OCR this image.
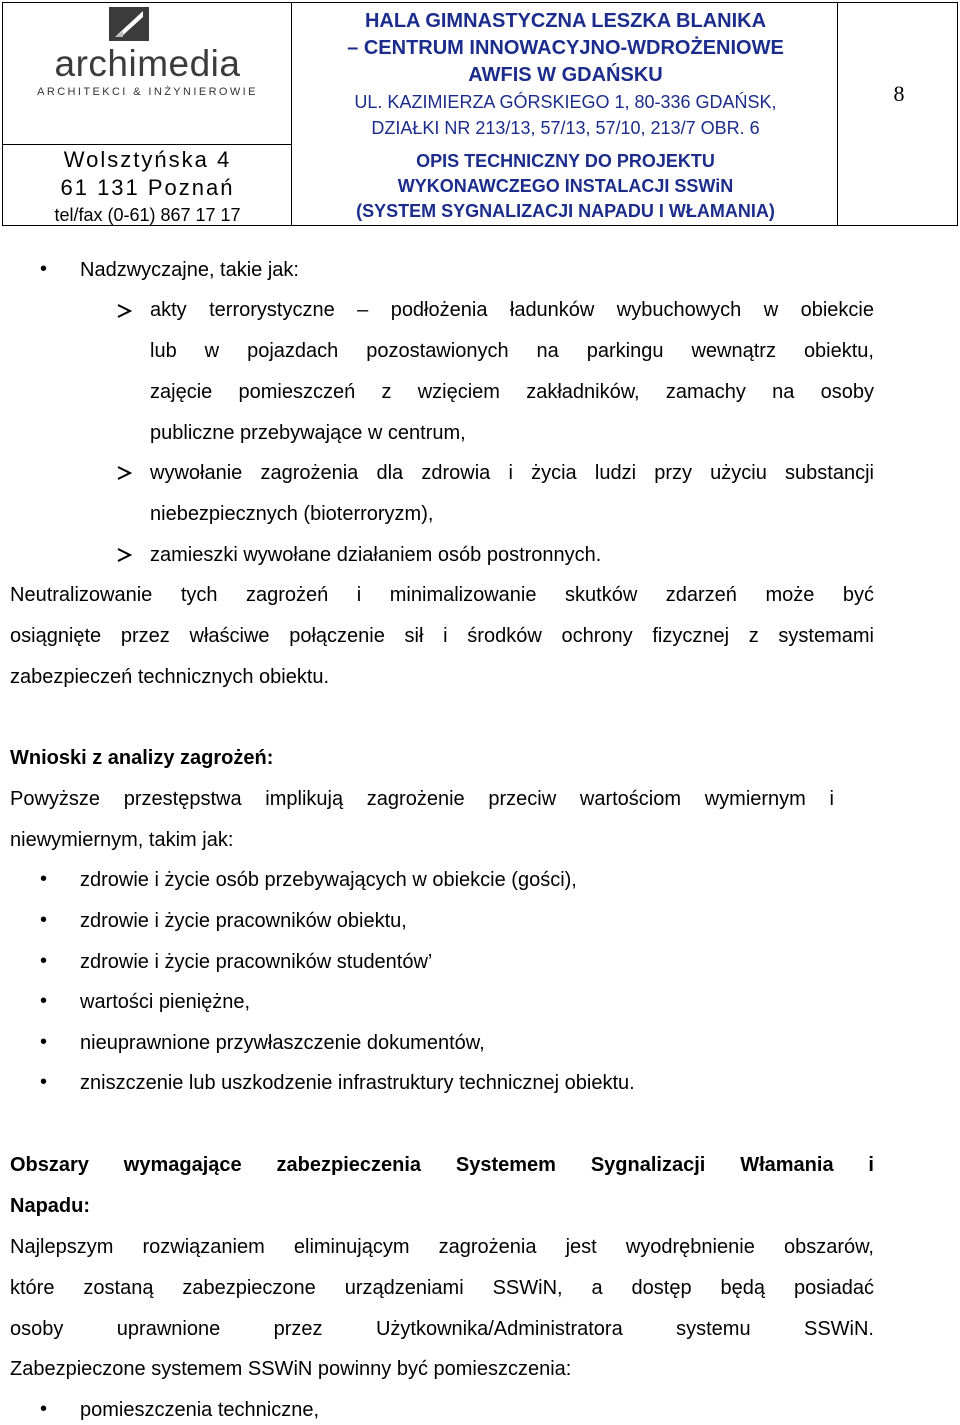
archimedia
ARCHITEKCI & INŻYNIEROWIE
Wolsztyńska 4
61 131 Poznań
tel/fax (0-61) 867 17 17
HALA GIMNASTYCZNA LESZKA BLANIKA
– CENTRUM INNOWACYJNO-WDROŻENIOWE
AWFIS W GDAŃSKU
UL. KAZIMIERZA GÓRSKIEGO 1, 80-336 GDAŃSK,
DZIAŁKI NR 213/13, 57/13, 57/10, 213/7 OBR. 6
OPIS TECHNICZNY DO PROJEKTU
WYKONAWCZEGO INSTALACJI SSWiN
(SYSTEM SYGNALIZACJI NAPADU I WŁAMANIA)
8
• Nadzwyczajne, takie jak:
akty terrorystyczne – podłożenia ładunków wybuchowych w obiekcie
lub w pojazdach pozostawionych na parkingu wewnątrz obiektu,
zajęcie pomieszczeń z wzięciem zakładników, zamachy na osoby
publiczne przebywające w centrum,
wywołanie zagrożenia dla zdrowia i życia ludzi przy użyciu substancji
niebezpiecznych (bioterroryzm),
zamieszki wywołane działaniem osób postronnych.
Neutralizowanie tych zagrożeń i minimalizowanie skutków zdarzeń może być
osiągnięte przez właściwe połączenie sił i środków ochrony fizycznej z systemami
zabezpieczeń technicznych obiektu.
Wnioski z analizy zagrożeń:
Powyższe przestępstwa implikują zagrożenie przeciw wartościom wymiernym i
niewymiernym, takim jak:
• zdrowie i życie osób przebywających w obiekcie (gości),
• zdrowie i życie pracowników obiektu,
• zdrowie i życie pracowników studentów’
• wartości pieniężne,
• nieuprawnione przywłaszczenie dokumentów,
• zniszczenie lub uszkodzenie infrastruktury technicznej obiektu.
Obszary wymagające zabezpieczenia Systemem Sygnalizacji Włamania i
Napadu:
Najlepszym rozwiązaniem eliminującym zagrożenia jest wyodrębnienie obszarów,
które zostaną zabezpieczone urządzeniami SSWiN, a dostęp będą posiadać
osoby uprawnione przez Użytkownika/Administratora systemu SSWiN.
Zabezpieczone systemem SSWiN powinny być pomieszczenia:
• pomieszczenia techniczne,
